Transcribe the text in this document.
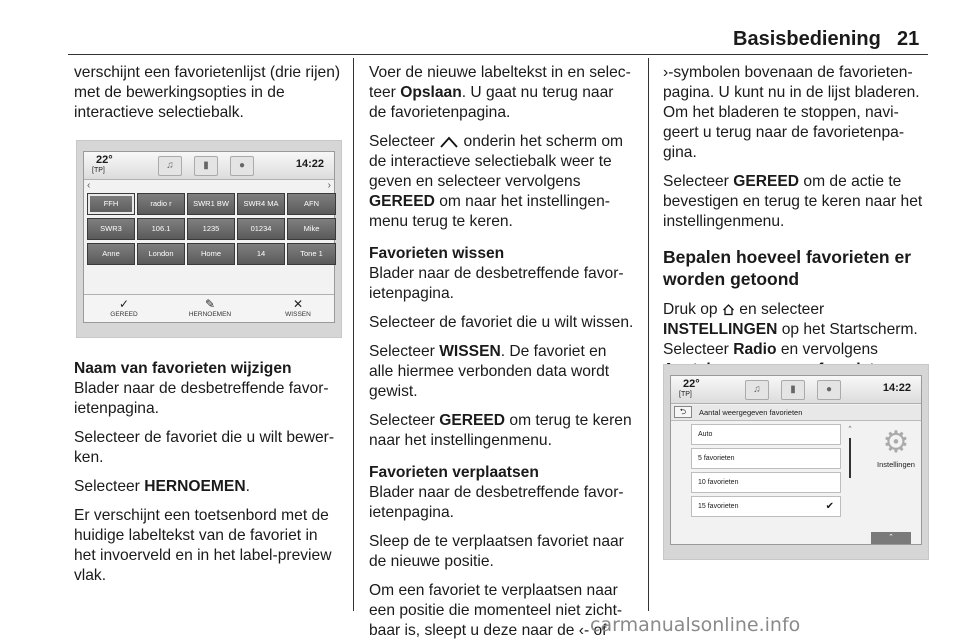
Basisbediening 21

verschijnt een favorietenlijst (drie rijen) met de bewerkingsopties in de interactieve selectiebalk.

22°
[TP]	♫	▮	●	14:22
‹	›
FFH	radio r	SWR1 BW	SWR4 MA	AFN
SWR3	106.1	1235	01234	Mike
Anne	London	Home	14	Tone 1
✓
GEREED
✎
HERNOEMEN
✕
WISSEN
Naam van favorieten wijzigen

Blader naar de desbetreffende favorietenpagina.

Selecteer de favoriet die u wilt bewerken.

Selecteer HERNOEMEN.

Er verschijnt een toetsenbord met de huidige labeltekst van de favoriet in het invoerveld en in het label-preview vlak.

Voer de nieuwe labeltekst in en selecteer Opslaan. U gaat nu terug naar de favorietenpagina.

Selecteer  onderin het scherm om de interactieve selectiebalk weer te geven en selecteer vervolgens GEREED om naar het instellingenmenu terug te keren.

Favorieten wissen

Blader naar de desbetreffende favorietenpagina.

Selecteer de favoriet die u wilt wissen.

Selecteer WISSEN. De favoriet en alle hiermee verbonden data wordt gewist.

Selecteer GEREED om terug te keren naar het instellingenmenu.

Favorieten verplaatsen

Blader naar de desbetreffende favorietenpagina.

Sleep de te verplaatsen favoriet naar de nieuwe positie.

Om een favoriet te verplaatsen naar een positie die momenteel niet zichtbaar is, sleept u deze naar de ‹- of

›-symbolen bovenaan de favorietenpagina. U kunt nu in de lijst bladeren. Om het bladeren te stoppen, navigeert u terug naar de favorietenpagina.

Selecteer GEREED om de actie te bevestigen en terug te keren naar het instellingenmenu.

Bepalen hoeveel favorieten er worden getoond

Druk op  en selecteer
INSTELLINGEN op het Startscherm.
Selecteer Radio en vervolgens

22°
[TP]	♫	▮	●	14:22
⮌	Aantal weergegeven favorieten
Auto
5 favorieten
10 favorieten
15 favorieten	✔
^	⚙
Instellingen
⌃
carmanualsonline.info
